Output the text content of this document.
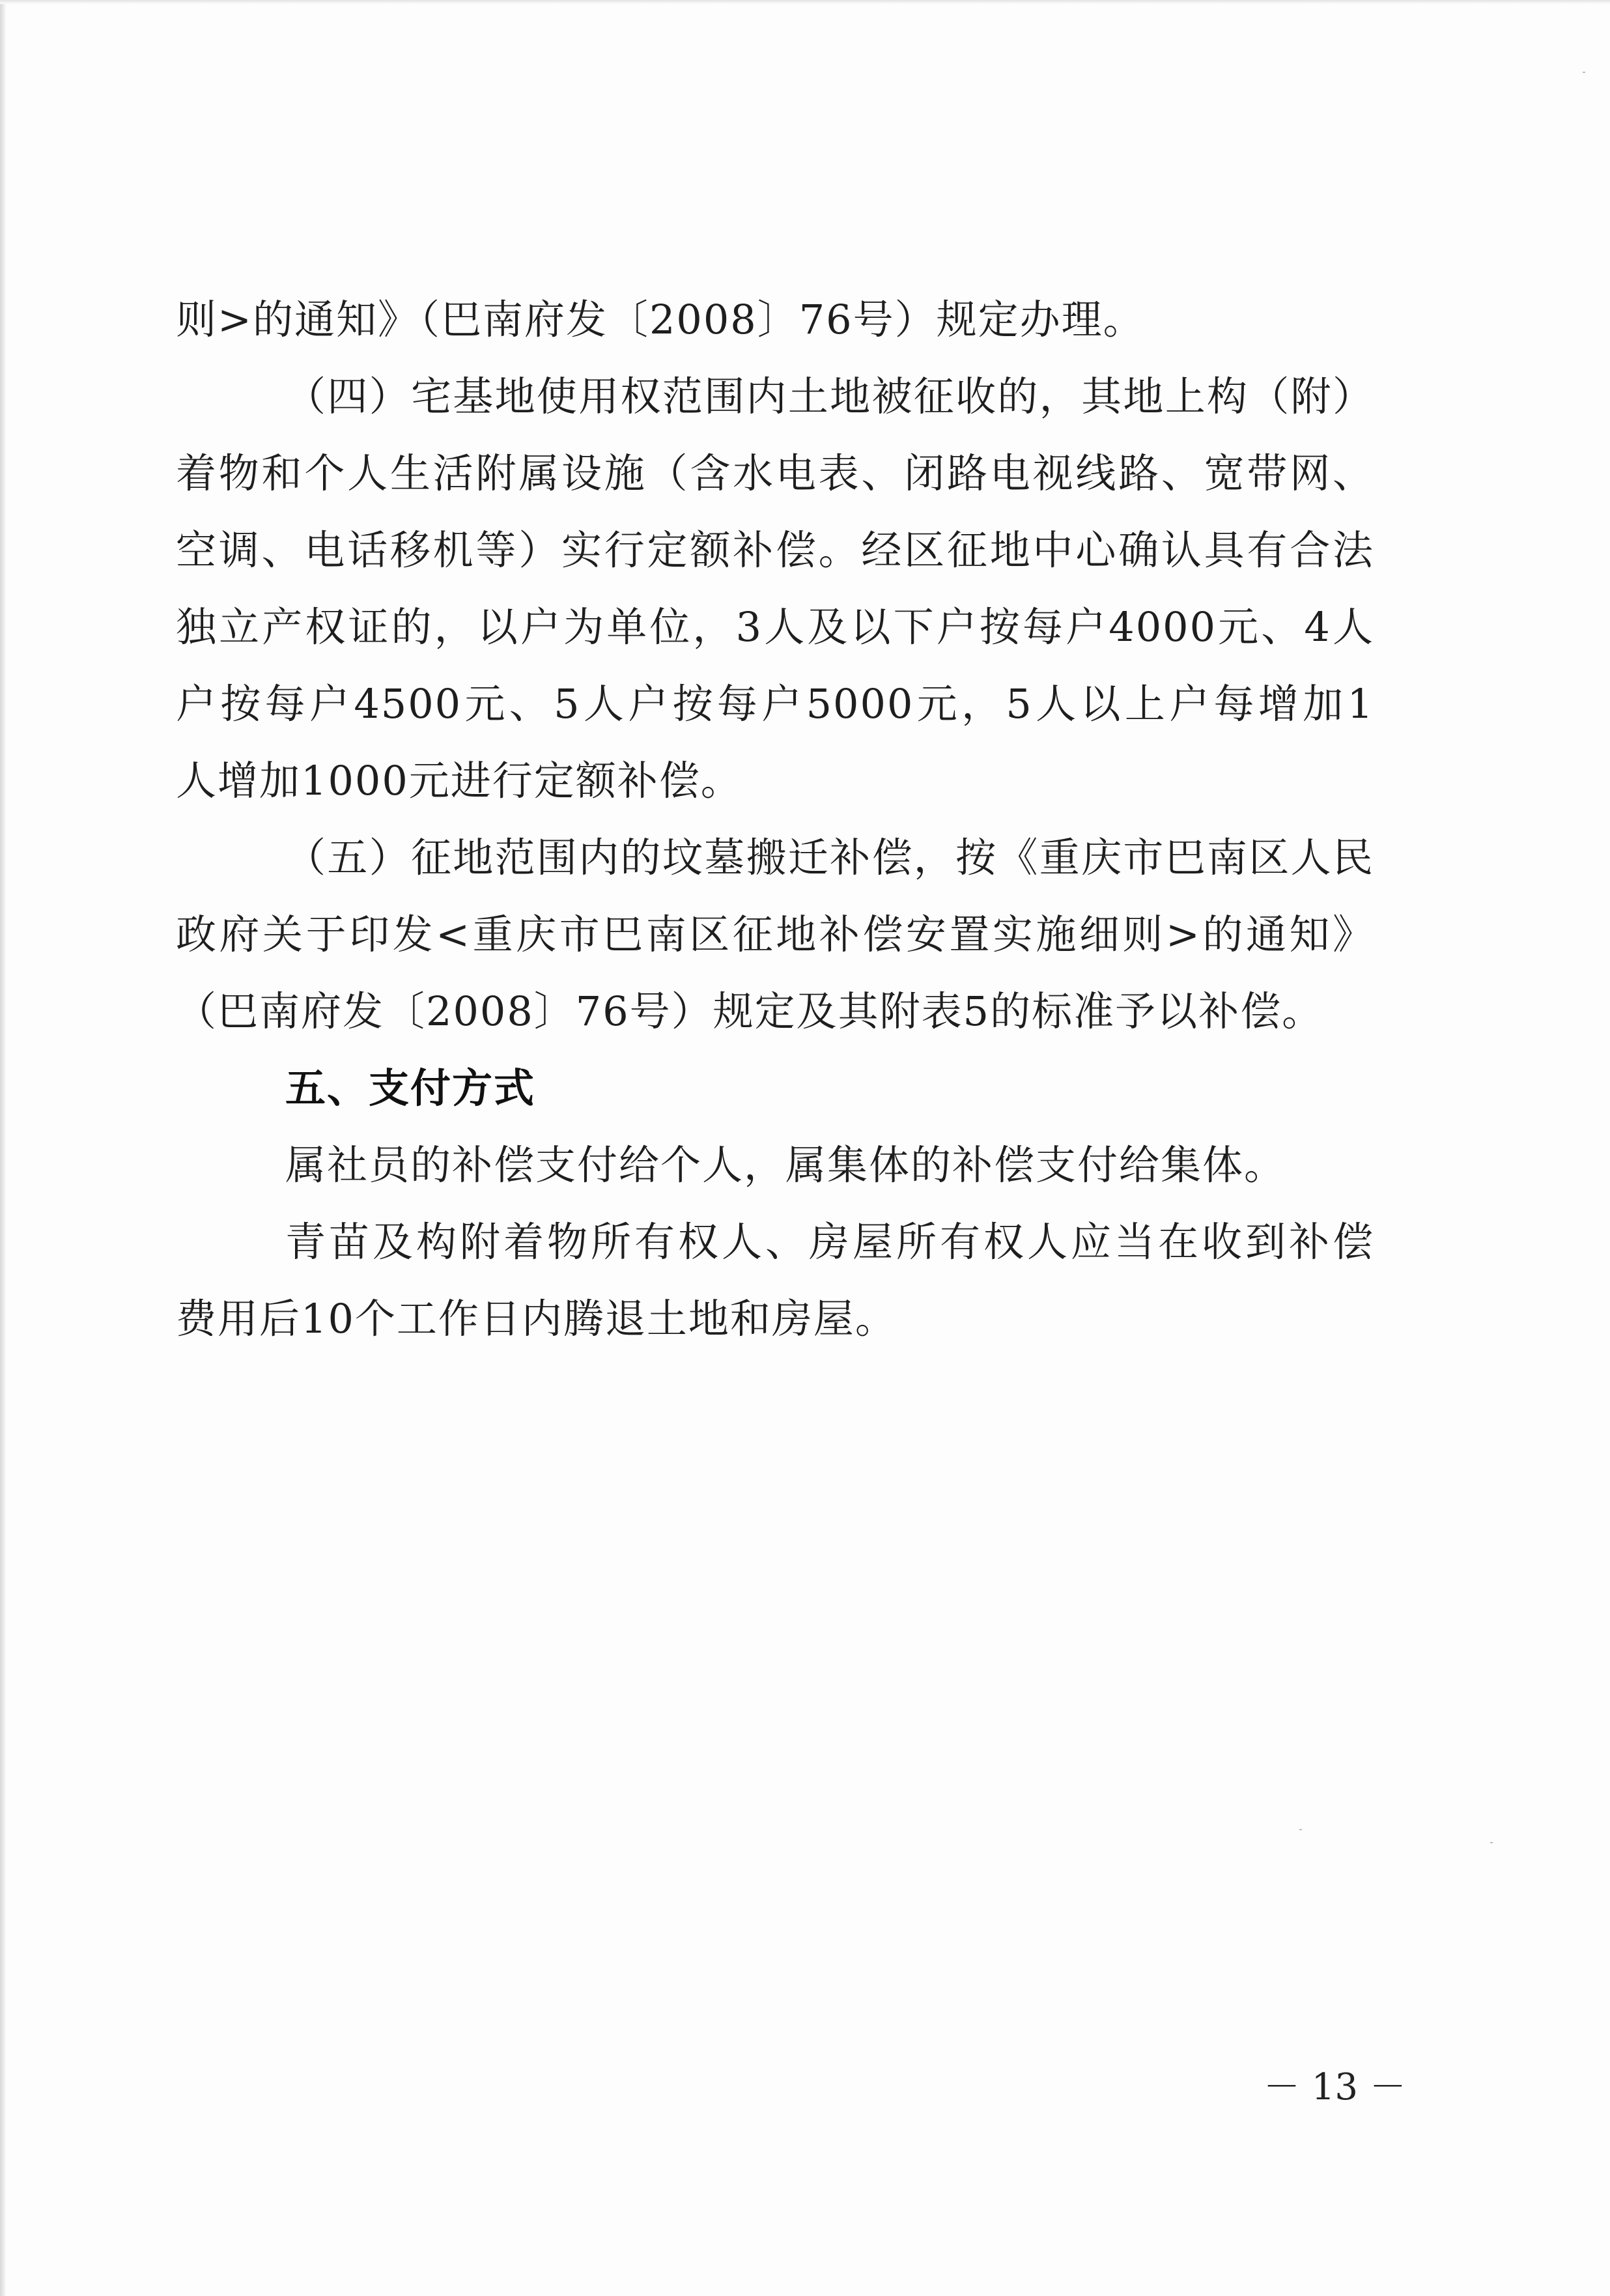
则>的通知》（巴南府发〔2008〕76号）规定办理。
（四）宅基地使用权范围内土地被征收的，其地上构（附）
着物和个人生活附属设施（含水电表、闭路电视线路、宽带网、
空调、电话移机等）实行定额补偿。经区征地中心确认具有合法
独立产权证的，以户为单位，3人及以下户按每户4000元、4人
户按每户4500元、5人户按每户5000元，5人以上户每增加1
人增加1000元进行定额补偿。
（五）征地范围内的坟墓搬迁补偿，按《重庆市巴南区人民
政府关于印发<重庆市巴南区征地补偿安置实施细则>的通知》
（巴南府发〔2008〕76号）规定及其附表5的标准予以补偿。
五、支付方式
属社员的补偿支付给个人，属集体的补偿支付给集体。
青苗及构附着物所有权人、房屋所有权人应当在收到补偿
费用后10个工作日内腾退土地和房屋。
－ 13 －
